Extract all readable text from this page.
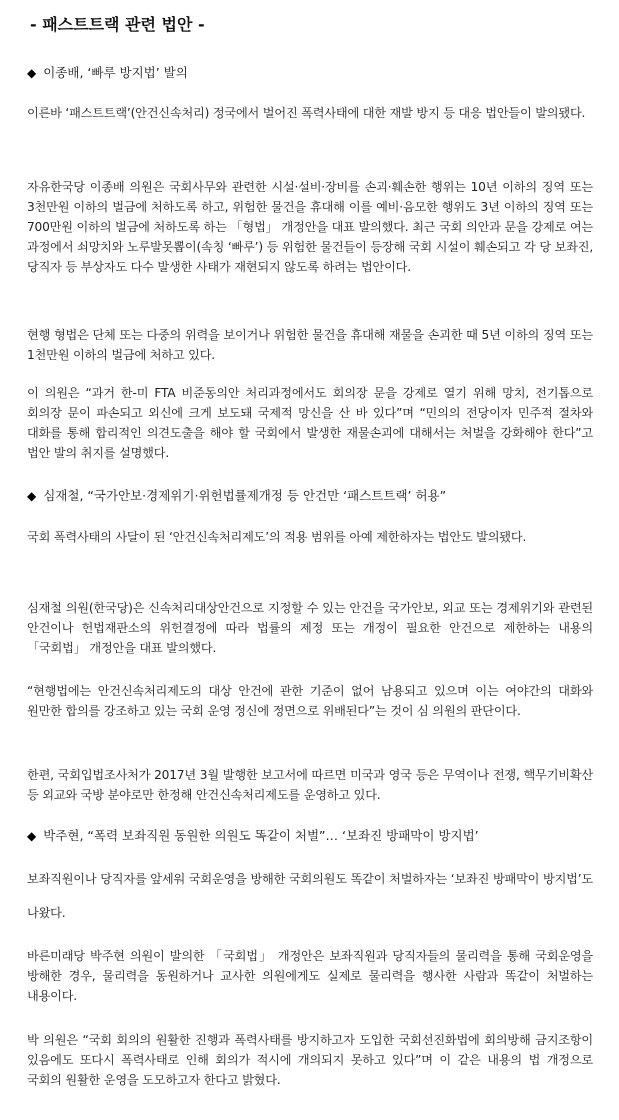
- 패스트트랙 관련 법안 -
◆ 이종배, ‘빠루 방지법’ 발의

이른바 ‘패스트트랙’(안건신속처리) 정국에서 벌어진 폭력사태에 대한 재발 방지 등 대응 법안들이 발의됐다.

자유한국당 이종배 의원은 국회사무와 관련한 시설·설비·장비를 손괴·훼손한 행위는 10년 이하의 징역 또는 3천만원 이하의 벌금에 처하도록 하고, 위험한 물건을 휴대해 이를 예비·음모한 행위도 3년 이하의 징역 또는 700만원 이하의 벌금에 처하도록 하는 「형법」 개정안을 대표 발의했다. 최근 국회 의안과 문을 강제로 여는 과정에서 쇠망치와 노루발못뽑이(속칭 ‘빠루’) 등 위험한 물건들이 등장해 국회 시설이 훼손되고 각 당 보좌진, 당직자 등 부상자도 다수 발생한 사태가 재현되지 않도록 하려는 법안이다.

현행 형법은 단체 또는 다중의 위력을 보이거나 위험한 물건을 휴대해 재물을 손괴한 때 5년 이하의 징역 또는 1천만원 이하의 벌금에 처하고 있다.

이 의원은 “과거 한-미 FTA 비준동의안 처리과정에서도 회의장 문을 강제로 열기 위해 망치, 전기톱으로 회의장 문이 파손되고 외신에 크게 보도돼 국제적 망신을 산 바 있다”며 “민의의 전당이자 민주적 절차와 대화를 통해 합리적인 의견도출을 해야 할 국회에서 발생한 재물손괴에 대해서는 처벌을 강화해야 한다”고 법안 발의 취지를 설명했다.

◆ 심재철, “국가안보·경제위기·위헌법률제개정 등 안건만 ‘패스트트랙’ 허용”

국회 폭력사태의 사달이 된 ‘안건신속처리제도’의 적용 범위를 아예 제한하자는 법안도 발의됐다.

심재철 의원(한국당)은 신속처리대상안건으로 지정할 수 있는 안건을 국가안보, 외교 또는 경제위기와 관련된 안건이나 헌법재판소의 위헌결정에 따라 법률의 제정 또는 개정이 필요한 안건으로 제한하는 내용의 「국회법」 개정안을 대표 발의했다.

“현행법에는 안건신속처리제도의 대상 안건에 관한 기준이 없어 남용되고 있으며 이는 여야간의 대화와 원만한 합의를 강조하고 있는 국회 운영 정신에 정면으로 위배된다”는 것이 심 의원의 판단이다.

한편, 국회입법조사처가 2017년 3월 발행한 보고서에 따르면 미국과 영국 등은 무역이나 전쟁, 핵무기비확산 등 외교와 국방 분야로만 한정해 안건신속처리제도를 운영하고 있다.

◆ 박주현, “폭력 보좌직원 동원한 의원도 똑같이 처벌”… ‘보좌진 방패막이 방지법’

보좌직원이나 당직자를 앞세워 국회운영을 방해한 국회의원도 똑같이 처벌하자는 ‘보좌진 방패막이 방지법’도 나왔다.

바른미래당 박주현 의원이 발의한 「국회법」 개정안은 보좌직원과 당직자들의 물리력을 통해 국회운영을 방해한 경우, 물리력을 동원하거나 교사한 의원에게도 실제로 물리력을 행사한 사람과 똑같이 처벌하는 내용이다.

박 의원은 “국회 회의의 원활한 진행과 폭력사태를 방지하고자 도입한 국회선진화법에 회의방해 금지조항이 있음에도 또다시 폭력사태로 인해 회의가 적시에 개의되지 못하고 있다”며 이 같은 내용의 법 개정으로 국회의 원활한 운영을 도모하고자 한다고 밝혔다.
